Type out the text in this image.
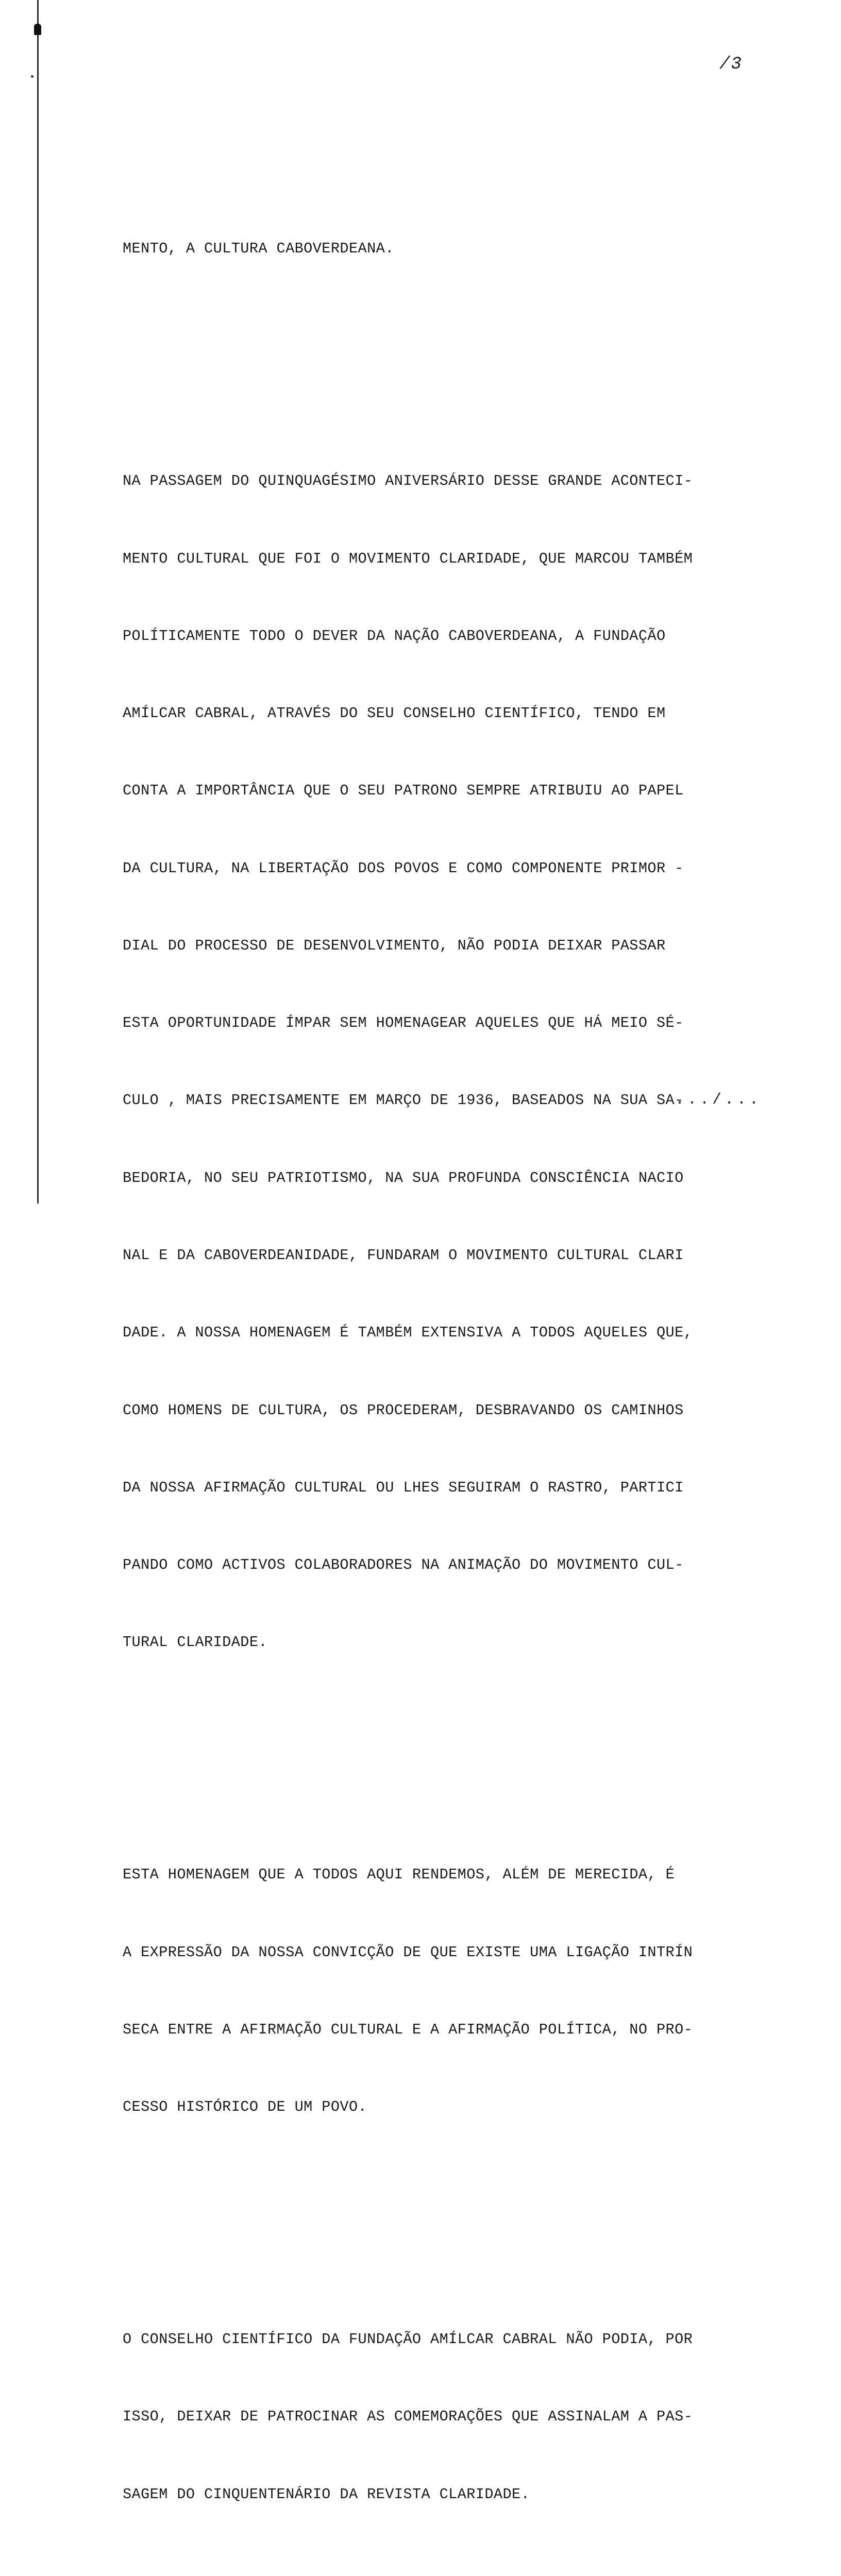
/3

MENTO, A CULTURA CABOVERDEANA.

NA PASSAGEM DO QUINQUAGÉSIMO ANIVERSÁRIO DESSE GRANDE ACONTECI-

MENTO CULTURAL QUE FOI O MOVIMENTO CLARIDADE, QUE MARCOU TAMBÉM

POLÍTICAMENTE TODO O DEVER DA NAÇÃO CABOVERDEANA, A FUNDAÇÃO

AMÍLCAR CABRAL, ATRAVÉS DO SEU CONSELHO CIENTÍFICO, TENDO EM

CONTA A IMPORTÂNCIA QUE O SEU PATRONO SEMPRE ATRIBUIU AO PAPEL

DA CULTURA, NA LIBERTAÇÃO DOS POVOS E COMO COMPONENTE PRIMOR -

DIAL DO PROCESSO DE DESENVOLVIMENTO, NÃO PODIA DEIXAR PASSAR

ESTA OPORTUNIDADE ÍMPAR SEM HOMENAGEAR AQUELES QUE HÁ MEIO SÉ-

CULO , MAIS PRECISAMENTE EM MARÇO DE 1936, BASEADOS NA SUA SA-

BEDORIA, NO SEU PATRIOTISMO, NA SUA PROFUNDA CONSCIÊNCIA NACIO

NAL E DA CABOVERDEANIDADE, FUNDARAM O MOVIMENTO CULTURAL CLARI

DADE. A NOSSA HOMENAGEM É TAMBÉM EXTENSIVA A TODOS AQUELES QUE,

COMO HOMENS DE CULTURA, OS PROCEDERAM, DESBRAVANDO OS CAMINHOS

DA NOSSA AFIRMAÇÃO CULTURAL OU LHES SEGUIRAM O RASTRO, PARTICI

PANDO COMO ACTIVOS COLABORADORES NA ANIMAÇÃO DO MOVIMENTO CUL-

TURAL CLARIDADE.

ESTA HOMENAGEM QUE A TODOS AQUI RENDEMOS, ALÉM DE MERECIDA, É

A EXPRESSÃO DA NOSSA CONVICÇÃO DE QUE EXISTE UMA LIGAÇÃO INTRÍN

SECA ENTRE A AFIRMAÇÃO CULTURAL E A AFIRMAÇÃO POLÍTICA, NO PRO-

CESSO HISTÓRICO DE UM POVO.

O CONSELHO CIENTÍFICO DA FUNDAÇÃO AMÍLCAR CABRAL NÃO PODIA, POR

ISSO, DEIXAR DE PATROCINAR AS COMEMORAÇÕES QUE ASSINALAM A PAS-

SAGEM DO CINQUENTENÁRIO DA REVISTA CLARIDADE.

.../...
